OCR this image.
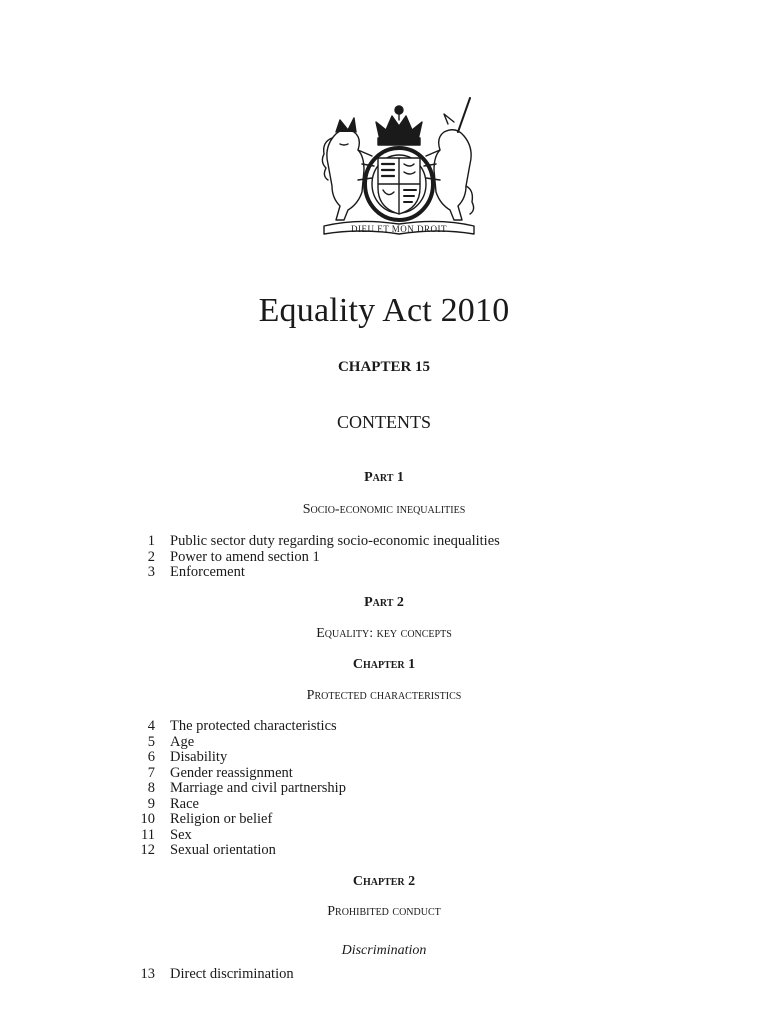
DIEU ET MON DROIT
Equality Act 2010
CHAPTER 15
CONTENTS
Part 1
Socio-economic inequalities
1 Public sector duty regarding socio-economic inequalities
2 Power to amend section 1
3 Enforcement
Part 2
Equality: key concepts
Chapter 1
Protected characteristics
4 The protected characteristics
5 Age
6 Disability
7 Gender reassignment
8 Marriage and civil partnership
9 Race
10 Religion or belief
11 Sex
12 Sexual orientation
Chapter 2
Prohibited conduct
Discrimination
13 Direct discrimination
